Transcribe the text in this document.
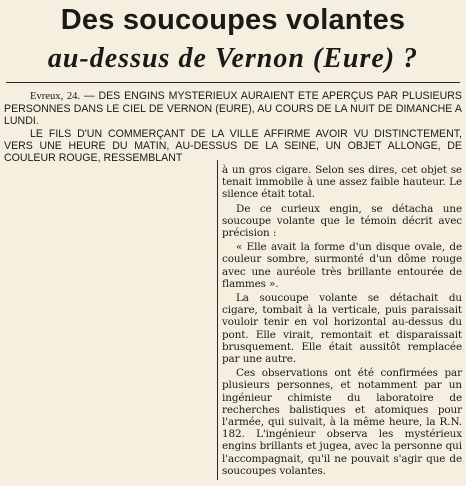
Des soucoupes volantes
au-dessus de Vernon (Eure) ?

Evreux, 24. — DES ENGINS MYSTERIEUX AURAIENT ETE APERÇUS PAR PLUSIEURS PERSONNES DANS LE CIEL DE VERNON (EURE), AU COURS DE LA NUIT DE DIMANCHE A LUNDI.

LE FILS D'UN COMMERÇANT DE LA VILLE AFFIRME AVOIR VU DISTINCTEMENT, VERS UNE HEURE DU MATIN, AU-DESSUS DE LA SEINE, UN OBJET ALLONGE, DE COULEUR ROUGE, RESSEMBLANT

à un gros cigare. Selon ses dires, cet objet se tenait immobile à une assez faible hauteur. Le silence était total.

De ce curieux engin, se détacha une soucoupe volante que le témoin décrit avec précision :

« Elle avait la forme d'un disque ovale, de couleur sombre, surmonté d'un dôme rouge avec une auréole très brillante entourée de flammes ».

La soucoupe volante se détachait du cigare, tombait à la verticale, puis paraissait vouloir tenir en vol horizontal au-dessus du pont. Elle virait, remontait et disparaissait brusquement. Elle était aussitôt remplacée par une autre.

Ces observations ont été confirmées par plusieurs personnes, et notamment par un ingénieur chimiste du laboratoire de recherches balistiques et atomiques pour l'armée, qui suivait, à la même heure, la R.N. 182. L'ingénieur observa les mystérieux engins brillants et jugea, avec la personne qui l'accompagnait, qu'il ne pouvait s'agir que de soucoupes volantes.
